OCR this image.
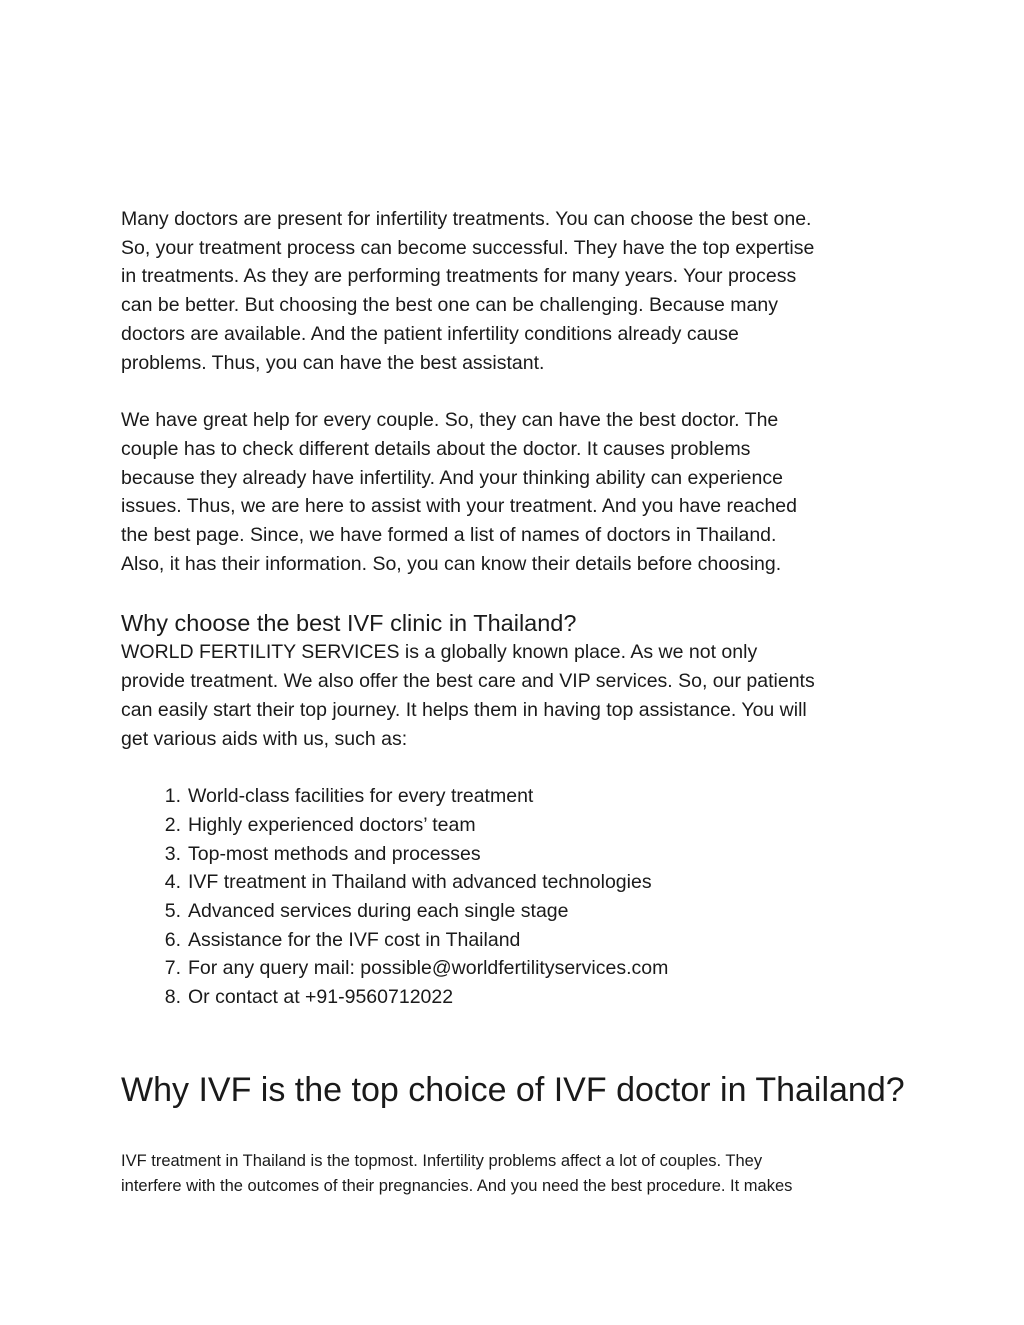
Many doctors are present for infertility treatments. You can choose the best one.
So, your treatment process can become successful. They have the top expertise
in treatments. As they are performing treatments for many years. Your process
can be better. But choosing the best one can be challenging. Because many
doctors are available. And the patient infertility conditions already cause
problems. Thus, you can have the best assistant.

We have great help for every couple. So, they can have the best doctor. The
couple has to check different details about the doctor. It causes problems
because they already have infertility. And your thinking ability can experience
issues. Thus, we are here to assist with your treatment. And you have reached
the best page. Since, we have formed a list of names of doctors in Thailand.
Also, it has their information. So, you can know their details before choosing.

Why choose the best IVF clinic in Thailand?

WORLD FERTILITY SERVICES is a globally known place. As we not only
provide treatment. We also offer the best care and VIP services. So, our patients
can easily start their top journey. It helps them in having top assistance. You will
get various aids with us, such as:

1. World-class facilities for every treatment
2. Highly experienced doctors’ team
3. Top-most methods and processes
4. IVF treatment in Thailand with advanced technologies
5. Advanced services during each single stage
6. Assistance for the IVF cost in Thailand
7. For any query mail: possible@worldfertilityservices.com
8. Or contact at +91-9560712022
Why IVF is the top choice of IVF doctor in Thailand?

IVF treatment in Thailand is the topmost. Infertility problems affect a lot of couples. They
interfere with the outcomes of their pregnancies. And you need the best procedure. It makes
